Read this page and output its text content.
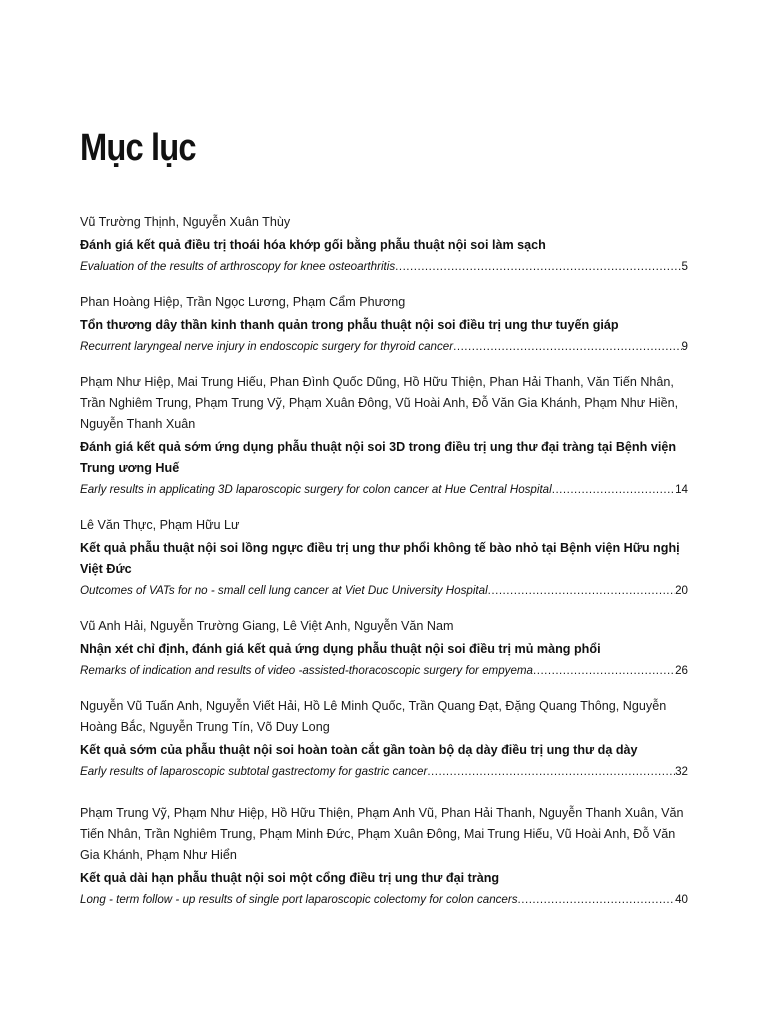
Mục lục
Vũ Trường Thịnh, Nguyễn Xuân Thùy
Đánh giá kết quả điều trị thoái hóa khớp gối bằng phẫu thuật nội soi làm sạch
Evaluation of the results of arthroscopy for knee osteoarthritis .....	5
Phan Hoàng Hiệp, Trần Ngọc Lương, Phạm Cẩm Phương
Tổn thương dây thần kinh thanh quản trong phẫu thuật nội soi điều trị ung thư tuyến giáp
Recurrent laryngeal nerve injury in endoscopic surgery for thyroid cancer .....	9
Phạm Như Hiệp, Mai Trung Hiếu, Phan Đình Quốc Dũng, Hồ Hữu Thiện, Phan Hải Thanh, Văn Tiến Nhân, Trần Nghiêm Trung, Phạm Trung Vỹ, Phạm Xuân Đông, Vũ Hoài Anh, Đỗ Văn Gia Khánh, Phạm Như Hiền, Nguyễn Thanh Xuân
Đánh giá kết quả sớm ứng dụng phẫu thuật nội soi 3D trong điều trị ung thư đại tràng tại Bệnh viện Trung ương Huế
Early results in applicating 3D laparoscopic surgery for colon cancer at Hue Central Hospital .....	14
Lê Văn Thực, Phạm Hữu Lư
Kết quả phẫu thuật nội soi lồng ngực điều trị ung thư phổi không tế bào nhỏ tại Bệnh viện Hữu nghị Việt Đức
Outcomes of VATs for no - small cell lung cancer at Viet Duc University Hospital .....	20
Vũ Anh Hải, Nguyễn Trường Giang, Lê Việt Anh, Nguyễn Văn Nam
Nhận xét chỉ định, đánh giá kết quả ứng dụng phẫu thuật nội soi điều trị mủ màng phổi
Remarks of indication and results of video -assisted-thoracoscopic surgery for empyema .....	26
Nguyễn Vũ Tuấn Anh, Nguyễn Viết Hải, Hồ Lê Minh Quốc, Trần Quang Đạt, Đặng Quang Thông, Nguyễn Hoàng Bắc, Nguyễn Trung Tín, Võ Duy Long
Kết quả sớm của phẫu thuật nội soi hoàn toàn cắt gần toàn bộ dạ dày điều trị ung thư dạ dày
Early results of laparoscopic subtotal gastrectomy for gastric cancer .....	32
Phạm Trung Vỹ, Phạm Như Hiệp, Hồ Hữu Thiện, Phạm Anh Vũ, Phan Hải Thanh, Nguyễn Thanh Xuân, Văn Tiến Nhân, Trần Nghiêm Trung, Phạm Minh Đức, Phạm Xuân Đông, Mai Trung Hiếu, Vũ Hoài Anh, Đỗ Văn Gia Khánh, Phạm Như Hiển
Kết quả dài hạn phẫu thuật nội soi một cổng điều trị ung thư đại tràng
Long - term follow - up results of single port laparoscopic colectomy for colon cancers .....	40
